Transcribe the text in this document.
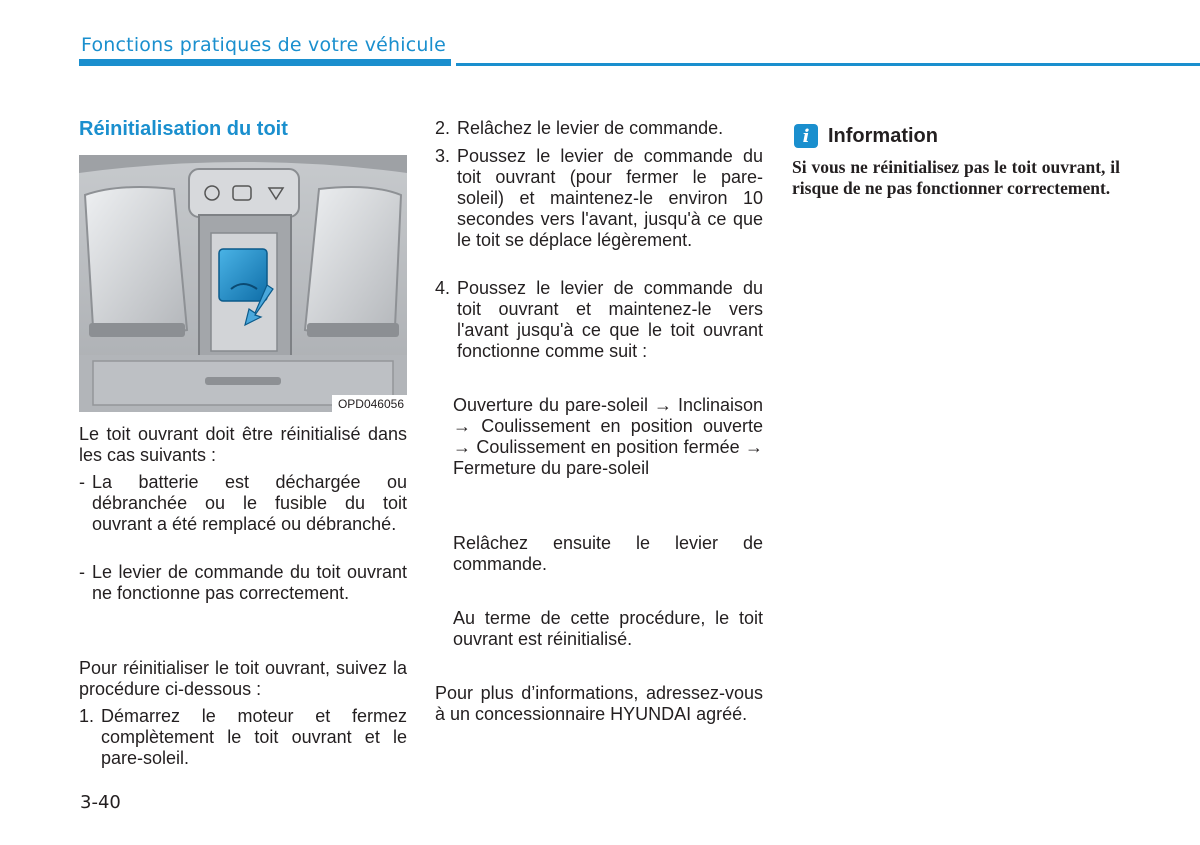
Fonctions pratiques de votre véhicule
Réinitialisation du toit
OPD046056

Le toit ouvrant doit être réinitialisé dans les cas suivants :

- La batterie est déchargée ou débranchée ou le fusible du toit ouvrant a été remplacé ou débranché.
- Le levier de commande du toit ouvrant ne fonctionne pas correctement.

Pour réinitialiser le toit ouvrant, suivez la procédure ci-dessous :

1. Démarrez le moteur et fermez complètement le toit ouvrant et le pare-soleil.
2. Relâchez le levier de commande.
3. Poussez le levier de commande du toit ouvrant (pour fermer le pare-soleil) et maintenez-le environ 10 secondes vers l'avant, jusqu'à ce que le toit se déplace légèrement.
4. Poussez le levier de commande du toit ouvrant et maintenez-le vers l'avant jusqu'à ce que le toit ouvrant fonctionne comme suit :

Ouverture du pare-soleil → Inclinaison → Coulissement en position ouverte → Coulissement en position fermée → Fermeture du pare-soleil

Relâchez ensuite le levier de commande.

Au terme de cette procédure, le toit ouvrant est réinitialisé.

Pour plus d’informations, adressez-vous à un concessionnaire HYUNDAI agréé.

i Information
Si vous ne réinitialisez pas le toit ouvrant, il risque de ne pas fonctionner correctement.
3-40
